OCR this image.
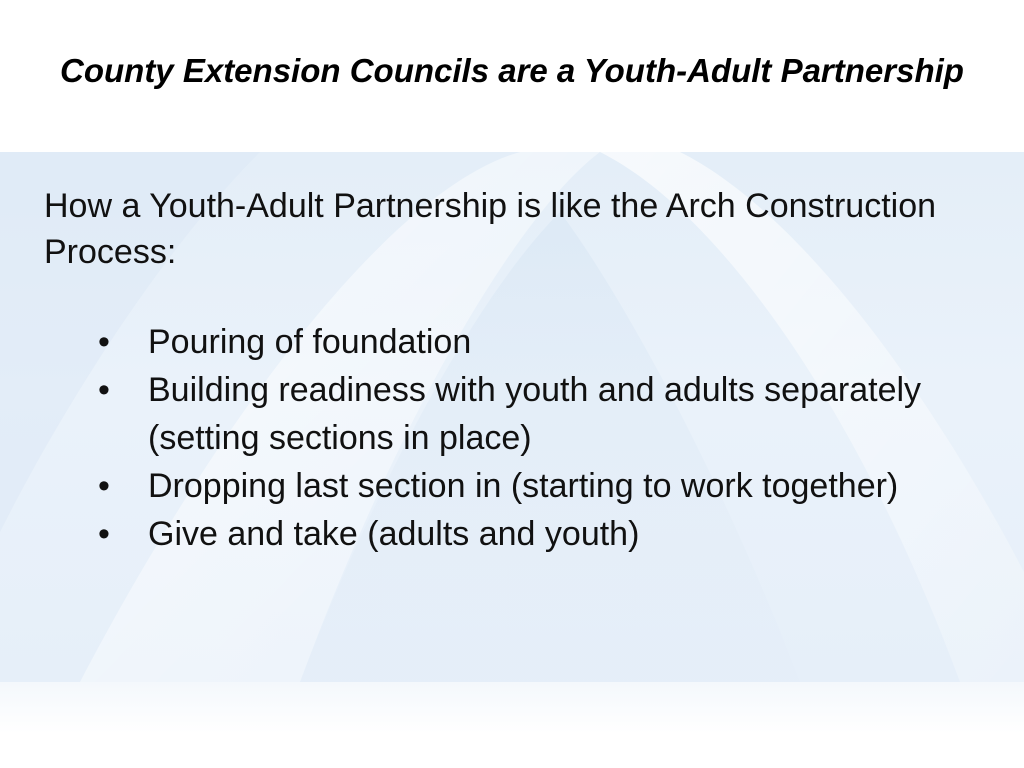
County Extension Councils are a Youth-Adult Partnership

How a Youth-Adult Partnership is like the Arch Construction Process:

•	Pouring of foundation
•	Building readiness with youth and adults separately (setting sections in place)
•	Dropping last section in (starting to work together)
•	Give and take (adults and youth)
